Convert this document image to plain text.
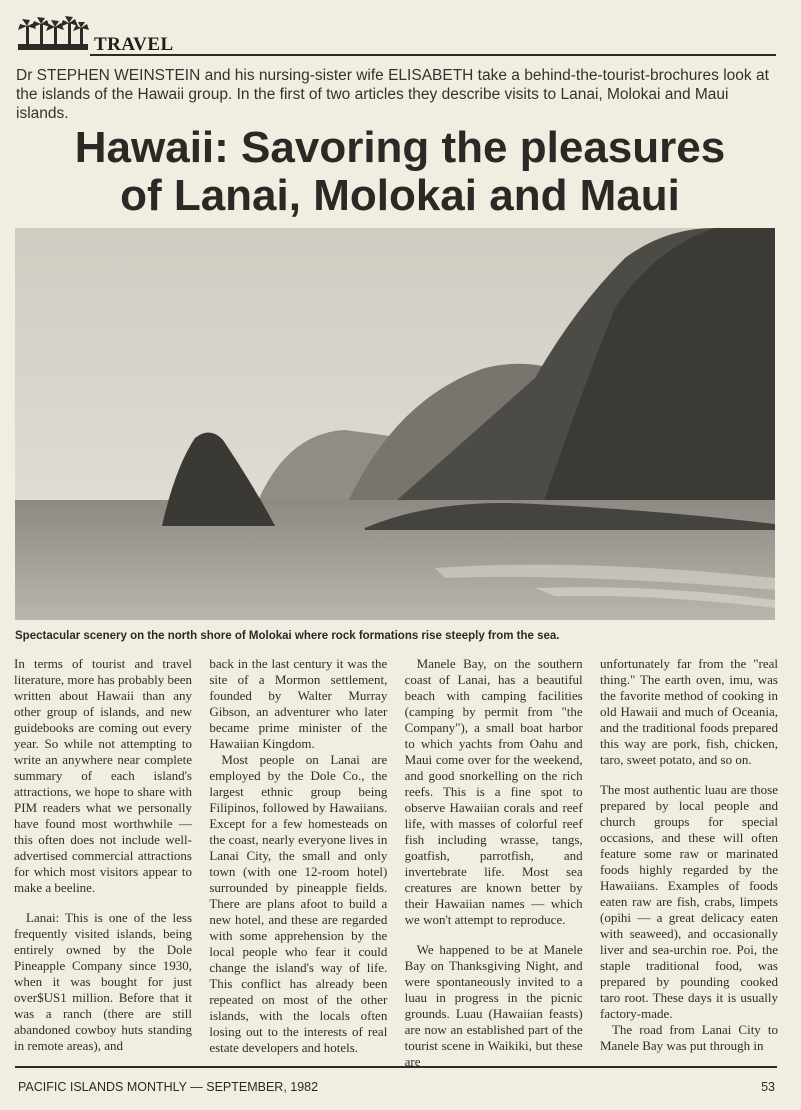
TRAVEL
Dr STEPHEN WEINSTEIN and his nursing-sister wife ELISABETH take a behind-the-tourist-brochures look at the islands of the Hawaii group. In the first of two articles they describe visits to Lanai, Molokai and Maui islands.
Hawaii: Savoring the pleasures
of Lanai, Molokai and Maui
Spectacular scenery on the north shore of Molokai where rock formations rise steeply from the sea.

In terms of tourist and travel literature, more has probably been written about Hawaii than any other group of islands, and new guidebooks are coming out every year. So while not attempting to write an anywhere near complete summary of each island's attractions, we hope to share with PIM readers what we personally have found most worthwhile — this often does not include well-advertised commercial attractions for which most visitors appear to make a beeline.

Lanai: This is one of the less frequently visited islands, being entirely owned by the Dole Pineapple Company since 1930, when it was bought for just over$US1 million. Before that it was a ranch (there are still abandoned cowboy huts standing in remote areas), and

back in the last century it was the site of a Mormon settlement, founded by Walter Murray Gibson, an adventurer who later became prime minister of the Hawaiian Kingdom.

Most people on Lanai are employed by the Dole Co., the largest ethnic group being Filipinos, followed by Hawaiians. Except for a few homesteads on the coast, nearly everyone lives in Lanai City, the small and only town (with one 12-room hotel) surrounded by pineapple fields. There are plans afoot to build a new hotel, and these are regarded with some apprehension by the local people who fear it could change the island's way of life. This conflict has already been repeated on most of the other islands, with the locals often losing out to the interests of real estate developers and hotels.

Manele Bay, on the southern coast of Lanai, has a beautiful beach with camping facilities (camping by permit from "the Company"), a small boat harbor to which yachts from Oahu and Maui come over for the weekend, and good snorkelling on the rich reefs. This is a fine spot to observe Hawaiian corals and reef life, with masses of colorful reef fish including wrasse, tangs, goatfish, parrotfish, and invertebrate life. Most sea creatures are known better by their Hawaiian names — which we won't attempt to reproduce.

We happened to be at Manele Bay on Thanksgiving Night, and were spontaneously invited to a luau in progress in the picnic grounds. Luau (Hawaiian feasts) are now an established part of the tourist scene in Waikiki, but these are

unfortunately far from the "real thing." The earth oven, imu, was the favorite method of cooking in old Hawaii and much of Oceania, and the traditional foods prepared this way are pork, fish, chicken, taro, sweet potato, and so on.

The most authentic luau are those prepared by local people and church groups for special occasions, and these will often feature some raw or marinated foods highly regarded by the Hawaiians. Examples of foods eaten raw are fish, crabs, limpets (opihi — a great delicacy eaten with seaweed), and occasionally liver and sea-urchin roe. Poi, the staple traditional food, was prepared by pounding cooked taro root. These days it is usually factory-made.

The road from Lanai City to Manele Bay was put through in

PACIFIC ISLANDS MONTHLY — SEPTEMBER, 1982	53
